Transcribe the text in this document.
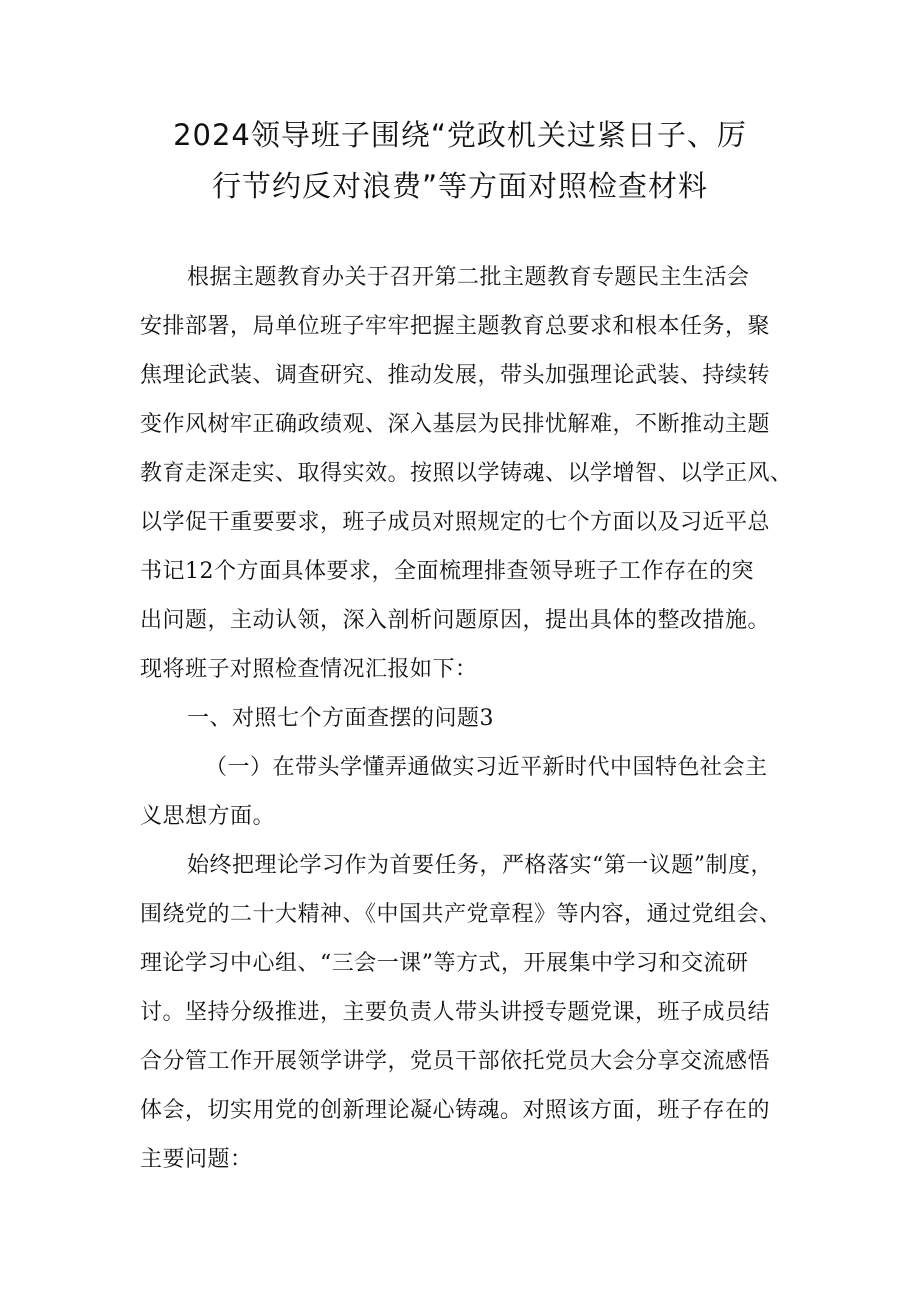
2024领导班子围绕“党政机关过紧日子、厉
行节约反对浪费”等方面对照检查材料
根据主题教育办关于召开第二批主题教育专题民主生活会
安排部署，局单位班子牢牢把握主题教育总要求和根本任务，聚
焦理论武装、调查研究、推动发展，带头加强理论武装、持续转
变作风树牢正确政绩观、深入基层为民排忧解难，不断推动主题
教育走深走实、取得实效。按照以学铸魂、以学增智、以学正风、
以学促干重要要求，班子成员对照规定的七个方面以及习近平总
书记12个方面具体要求，全面梳理排查领导班子工作存在的突
出问题，主动认领，深入剖析问题原因，提出具体的整改措施。
现将班子对照检查情况汇报如下：
一、对照七个方面查摆的问题3
（一）在带头学懂弄通做实习近平新时代中国特色社会主
义思想方面。
始终把理论学习作为首要任务，严格落实“第一议题”制度，
围绕党的二十大精神、《中国共产党章程》等内容，通过党组会、
理论学习中心组、“三会一课”等方式，开展集中学习和交流研
讨。坚持分级推进，主要负责人带头讲授专题党课，班子成员结
合分管工作开展领学讲学，党员干部依托党员大会分享交流感悟
体会，切实用党的创新理论凝心铸魂。对照该方面，班子存在的
主要问题：
